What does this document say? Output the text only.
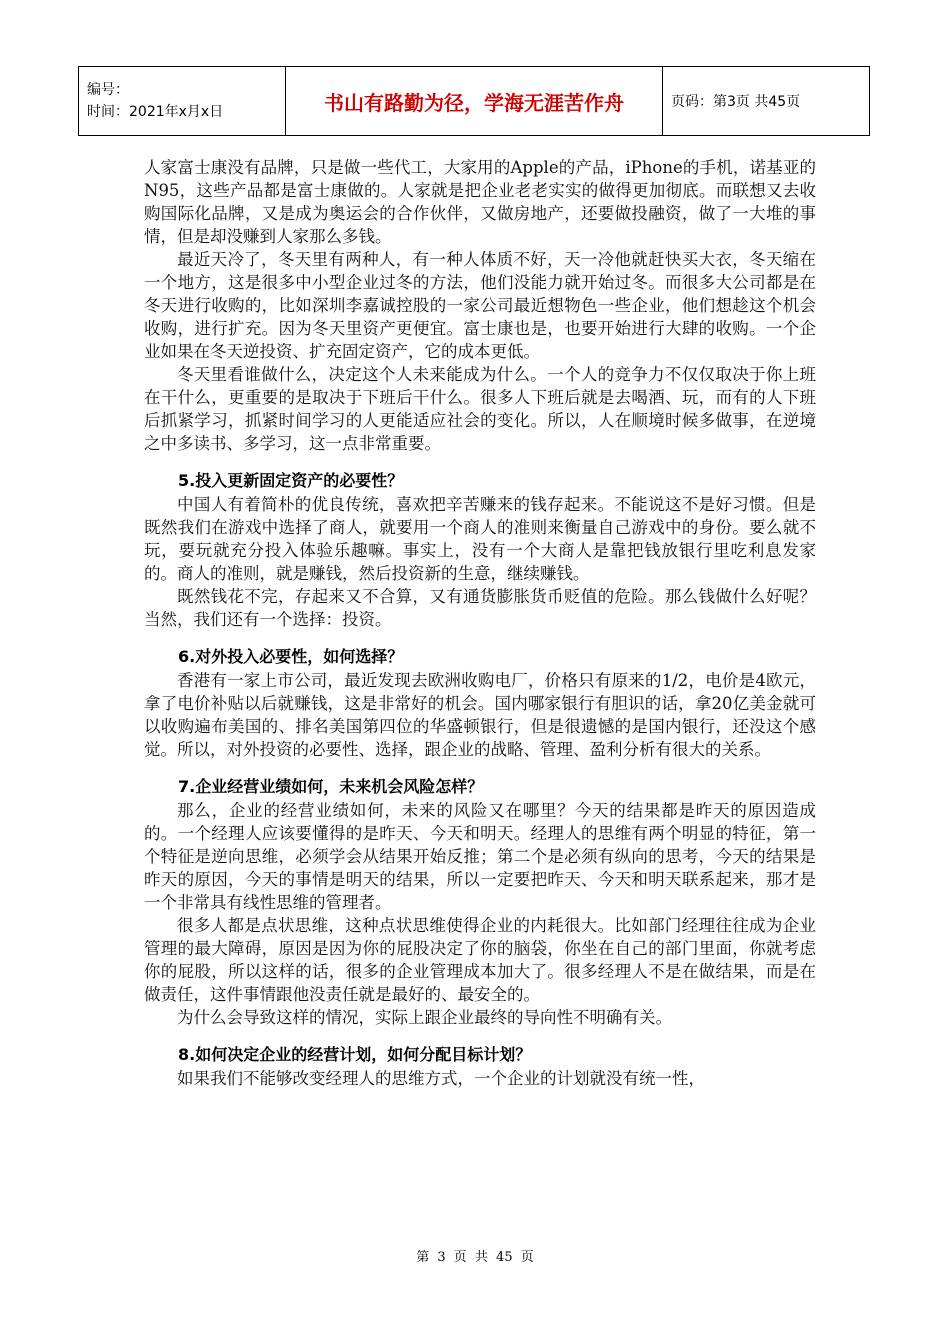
编号：
时间：2021年x月x日	书山有路勤为径，学海无涯苦作舟	页码：第3页 共45页

人家富士康没有品牌，只是做一些代工，大家用的Apple的产品，iPhone的手机，诺基亚的N95，这些产品都是富士康做的。人家就是把企业老老实实的做得更加彻底。而联想又去收购国际化品牌，又是成为奥运会的合作伙伴，又做房地产，还要做投融资，做了一大堆的事情，但是却没赚到人家那么多钱。

最近天冷了，冬天里有两种人，有一种人体质不好，天一冷他就赶快买大衣，冬天缩在一个地方，这是很多中小型企业过冬的方法，他们没能力就开始过冬。而很多大公司都是在冬天进行收购的，比如深圳李嘉诚控股的一家公司最近想物色一些企业，他们想趁这个机会收购，进行扩充。因为冬天里资产更便宜。富士康也是，也要开始进行大肆的收购。一个企业如果在冬天逆投资、扩充固定资产，它的成本更低。

冬天里看谁做什么，决定这个人未来能成为什么。一个人的竞争力不仅仅取决于你上班在干什么，更重要的是取决于下班后干什么。很多人下班后就是去喝酒、玩，而有的人下班后抓紧学习，抓紧时间学习的人更能适应社会的变化。所以，人在顺境时候多做事，在逆境之中多读书、多学习，这一点非常重要。

5.投入更新固定资产的必要性？

中国人有着简朴的优良传统，喜欢把辛苦赚来的钱存起来。不能说这不是好习惯。但是既然我们在游戏中选择了商人，就要用一个商人的准则来衡量自己游戏中的身份。要么就不玩，要玩就充分投入体验乐趣嘛。事实上，没有一个大商人是靠把钱放银行里吃利息发家的。商人的准则，就是赚钱，然后投资新的生意，继续赚钱。

既然钱花不完，存起来又不合算，又有通货膨胀货币贬值的危险。那么钱做什么好呢？当然，我们还有一个选择：投资。

6.对外投入必要性，如何选择？

香港有一家上市公司，最近发现去欧洲收购电厂，价格只有原来的1/2，电价是4欧元，拿了电价补贴以后就赚钱，这是非常好的机会。国内哪家银行有胆识的话，拿20亿美金就可以收购遍布美国的、排名美国第四位的华盛顿银行，但是很遗憾的是国内银行，还没这个感觉。所以，对外投资的必要性、选择，跟企业的战略、管理、盈利分析有很大的关系。

7.企业经营业绩如何，未来机会风险怎样？

那么，企业的经营业绩如何，未来的风险又在哪里？今天的结果都是昨天的原因造成的。一个经理人应该要懂得的是昨天、今天和明天。经理人的思维有两个明显的特征，第一个特征是逆向思维，必须学会从结果开始反推；第二个是必须有纵向的思考，今天的结果是昨天的原因，今天的事情是明天的结果，所以一定要把昨天、今天和明天联系起来，那才是一个非常具有线性思维的管理者。

很多人都是点状思维，这种点状思维使得企业的内耗很大。比如部门经理往往成为企业管理的最大障碍，原因是因为你的屁股决定了你的脑袋，你坐在自己的部门里面，你就考虑你的屁股，所以这样的话，很多的企业管理成本加大了。很多经理人不是在做结果，而是在做责任，这件事情跟他没责任就是最好的、最安全的。

为什么会导致这样的情况，实际上跟企业最终的导向性不明确有关。

8.如何决定企业的经营计划，如何分配目标计划？

如果我们不能够改变经理人的思维方式，一个企业的计划就没有统一性，

第 3 页 共 45 页
